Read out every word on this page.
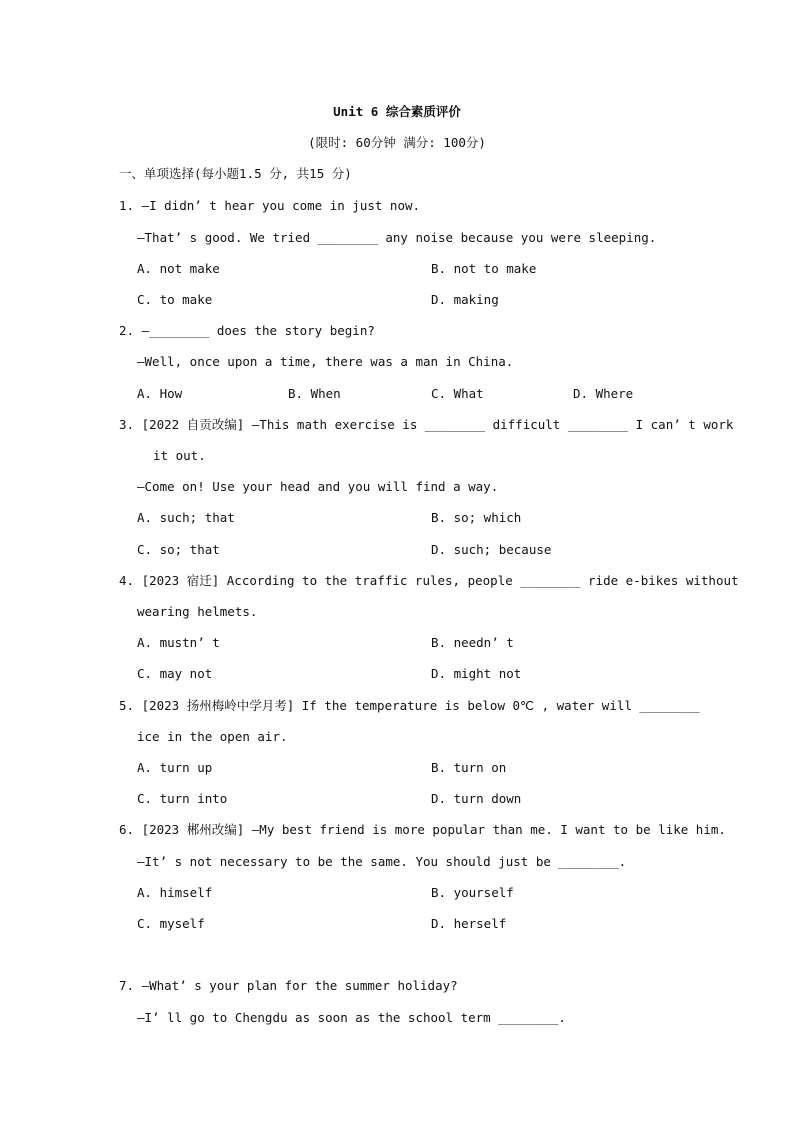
Unit 6 综合素质评价
(限时: 60分钟 满分: 100分)
一、单项选择(每小题1.5 分, 共15 分)
1. —I didn’ t hear you come in just now.
—That’ s good. We tried ________ any noise because you were sleeping.
A. not make	B. not to make
C. to make	D. making
2. —________ does the story begin?
—Well, once upon a time, there was a man in China.
A. How	B. When	C. What	D. Where
3. [2022 自贡改编] —This math exercise is ________ difficult ________ I can’ t work
it out.
—Come on! Use your head and you will find a way.
A. such; that	B. so; which
C. so; that	D. such; because
4. [2023 宿迁] According to the traffic rules, people ________ ride e-bikes without
wearing helmets.
A. mustn’ t	B. needn’ t
C. may not	D. might not
5. [2023 扬州梅岭中学月考] If the temperature is below 0℃ , water will ________
ice in the open air.
A. turn up	B. turn on
C. turn into	D. turn down
6. [2023 郴州改编] —My best friend is more popular than me. I want to be like him.
—It’ s not necessary to be the same. You should just be ________.
A. himself	B. yourself
C. myself	D. herself
7. —What’ s your plan for the summer holiday?
—I’ ll go to Chengdu as soon as the school term ________.
